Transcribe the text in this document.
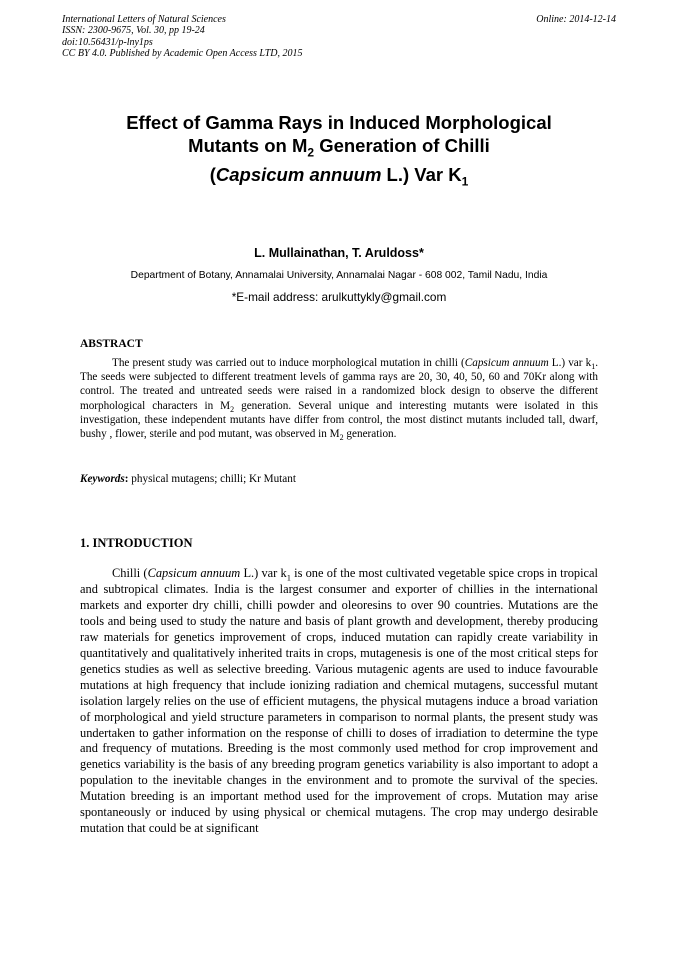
International Letters of Natural Sciences
ISSN: 2300-9675, Vol. 30, pp 19-24
doi:10.56431/p-lny1ps
CC BY 4.0. Published by Academic Open Access LTD, 2015
Online: 2014-12-14
Effect of Gamma Rays in Induced Morphological
Mutants on $M_2$ Generation of Chilli
(Capsicum annuum L.) Var $K_1$
L. Mullainathan, T. Aruldoss*
Department of Botany, Annamalai University, Annamalai Nagar - 608 002, Tamil Nadu, India
*E-mail address: arulkuttykly@gmail.com
ABSTRACT
The present study was carried out to induce morphological mutation in chilli (Capsicum annuum L.) var $k_1$. The seeds were subjected to different treatment levels of gamma rays are 20, 30, 40, 50, 60 and 70Kr along with control. The treated and untreated seeds were raised in a randomized block design to observe the different morphological characters in $M_2$ generation. Several unique and interesting mutants were isolated in this investigation, these independent mutants have differ from control, the most distinct mutants included tall, dwarf, bushy , flower, sterile and pod mutant, was observed in $M_2$ generation.
Keywords: physical mutagens; chilli; Kr Mutant
1. INTRODUCTION
Chilli (Capsicum annuum L.) var $k_1$ is one of the most cultivated vegetable spice crops in tropical and subtropical climates. India is the largest consumer and exporter of chillies in the international markets and exporter dry chilli, chilli powder and oleoresins to over 90 countries. Mutations are the tools and being used to study the nature and basis of plant growth and development, thereby producing raw materials for genetics improvement of crops, induced mutation can rapidly create variability in quantitatively and qualitatively inherited traits in crops, mutagenesis is one of the most critical steps for genetics studies as well as selective breeding. Various mutagenic agents are used to induce favourable mutations at high frequency that include ionizing radiation and chemical mutagens, successful mutant isolation largely relies on the use of efficient mutagens, the physical mutagens induce a broad variation of morphological and yield structure parameters in comparison to normal plants, the present study was undertaken to gather information on the response of chilli to doses of irradiation to determine the type and frequency of mutations. Breeding is the most commonly used method for crop improvement and genetics variability is the basis of any breeding program genetics variability is also important to adopt a population to the inevitable changes in the environment and to promote the survival of the species. Mutation breeding is an important method used for the improvement of crops. Mutation may arise spontaneously or induced by using physical or chemical mutagens. The crop may undergo desirable mutation that could be at significant
